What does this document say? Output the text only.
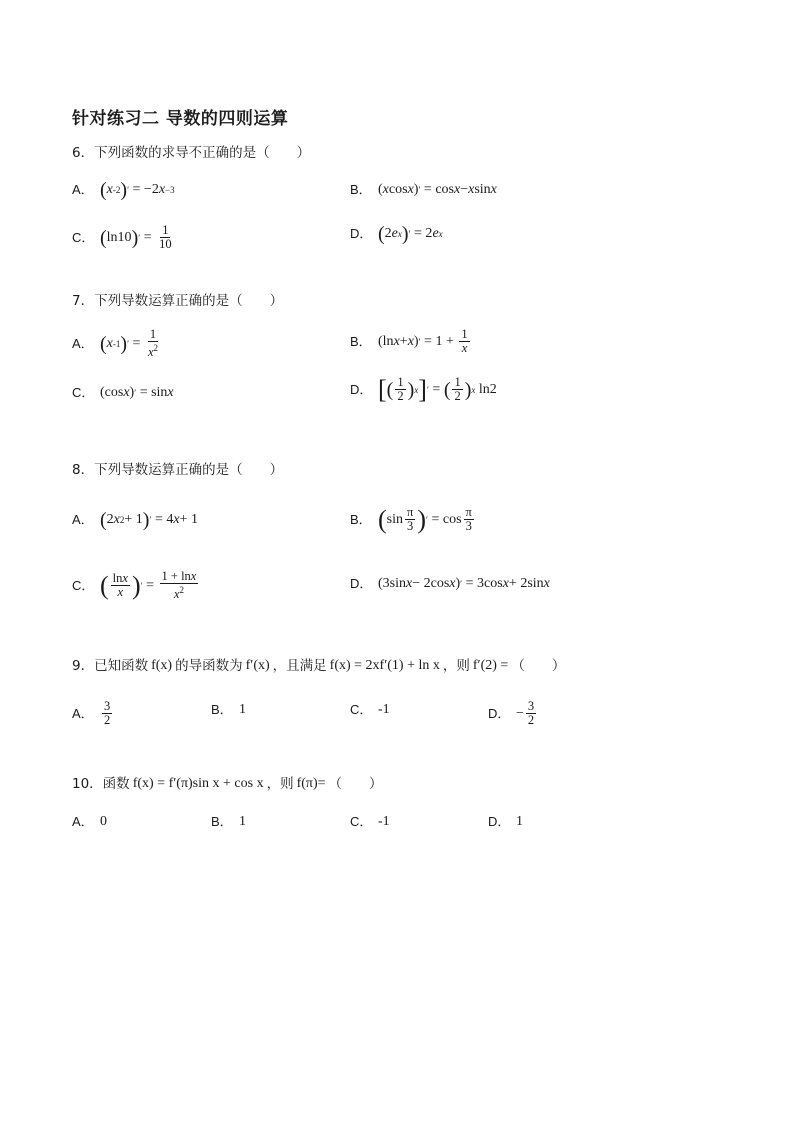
针对练习二 导数的四则运算
6．下列函数的求导不正确的是（　　）
A． ( x -2 ) ′ = −2 x −3	B． ( x cos x ) ′ = cos x − x sin x
C． ( ln10 ) ′ = $\frac{1}{10}$	D． ( 2 e x ) ′ = 2 e x
7．下列导数运算正确的是（　　）
A． ( x -1 ) ′ = $\frac{1}{x^2}$	B． (ln x + x ) ′ = $1 + \frac{1}{x}$
C． (cos x ) ′ = sin x	D． [ ( $\frac{1}{2}$ ) x ] ′ = ( $\frac{1}{2}$ ) x ln2
8．下列导数运算正确的是（　　）
A． ( 2 x 2 + 1 ) ′ = 4 x + 1	B． ( $\sin \frac{\pi}{3}$ ) ′ = $\cos \frac{\pi}{3}$
C． ( $\frac{\ln x}{x}$ ) ′ = $\frac{1 + \ln x}{x^2}$	D． (3sin x − 2cos x ) ′ = 3cos x + 2sin x
9．已知函数 f(x) 的导函数为 f′(x) ，且满足 f(x) = 2xf′(1) + ln x ，则 f′(2) = （　　）
A． $\frac{3}{2}$	B． 1	C． -1	D． − $\frac{3}{2}$
10．函数 f(x) = f′(π)sin x + cos x ，则 f(π)= （　　）
A． 0	B． 1	C． -1	D． 1
